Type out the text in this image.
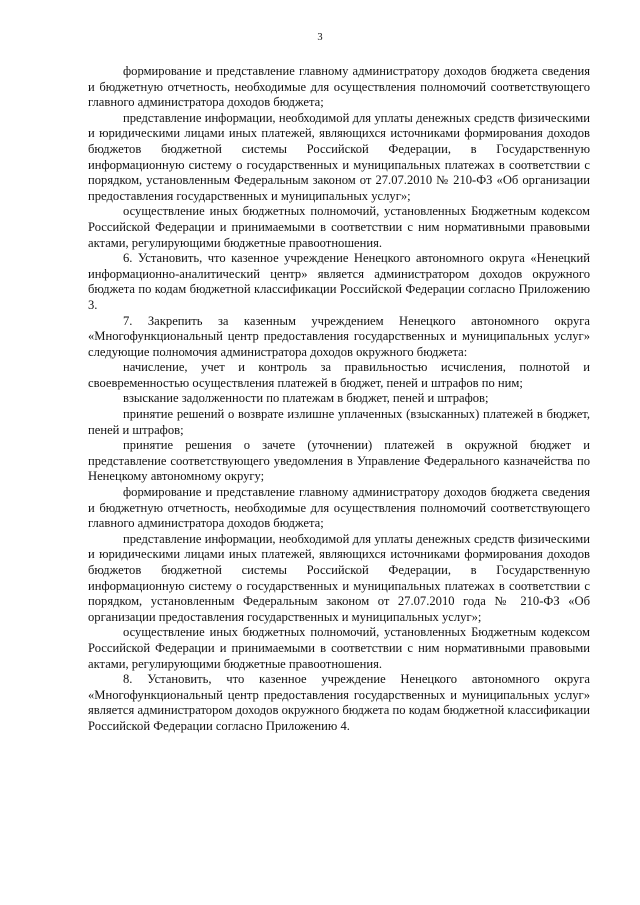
3

формирование и представление главному администратору доходов бюджета сведения и бюджетную отчетность, необходимые для осуществления полномочий соответствующего главного администратора доходов бюджета;

представление информации, необходимой для уплаты денежных средств физическими и юридическими лицами иных платежей, являющихся источниками формирования доходов бюджетов бюджетной системы Российской Федерации, в Государственную информационную систему о государственных и муниципальных платежах в соответствии с порядком, установленным Федеральным законом от 27.07.2010 № 210-ФЗ «Об организации предоставления государственных и муниципальных услуг»;

осуществление иных бюджетных полномочий, установленных Бюджетным кодексом Российской Федерации и принимаемыми в соответствии с ним нормативными правовыми актами, регулирующими бюджетные правоотношения.

6. Установить, что казенное учреждение Ненецкого автономного округа «Ненецкий информационно-аналитический центр» является администратором доходов окружного бюджета по кодам бюджетной классификации Российской Федерации согласно Приложению 3.

7. Закрепить за казенным учреждением Ненецкого автономного округа «Многофункциональный центр предоставления государственных и муниципальных услуг» следующие полномочия администратора доходов окружного бюджета:

начисление, учет и контроль за правильностью исчисления, полнотой и своевременностью осуществления платежей в бюджет, пеней и штрафов по ним;

взыскание задолженности по платежам в бюджет, пеней и штрафов;

принятие решений о возврате излишне уплаченных (взысканных) платежей в бюджет, пеней и штрафов;

принятие решения о зачете (уточнении) платежей в окружной бюджет и представление соответствующего уведомления в Управление Федерального казначейства по Ненецкому автономному округу;

формирование и представление главному администратору доходов бюджета сведения и бюджетную отчетность, необходимые для осуществления полномочий соответствующего главного администратора доходов бюджета;

представление информации, необходимой для уплаты денежных средств физическими и юридическими лицами иных платежей, являющихся источниками формирования доходов бюджетов бюджетной системы Российской Федерации, в Государственную информационную систему о государственных и муниципальных платежах в соответствии с порядком, установленным Федеральным законом от 27.07.2010 года № 210-ФЗ «Об организации предоставления государственных и муниципальных услуг»;

осуществление иных бюджетных полномочий, установленных Бюджетным кодексом Российской Федерации и принимаемыми в соответствии с ним нормативными правовыми актами, регулирующими бюджетные правоотношения.

8. Установить, что казенное учреждение Ненецкого автономного округа «Многофункциональный центр предоставления государственных и муниципальных услуг» является администратором доходов окружного бюджета по кодам бюджетной классификации Российской Федерации согласно Приложению 4.
